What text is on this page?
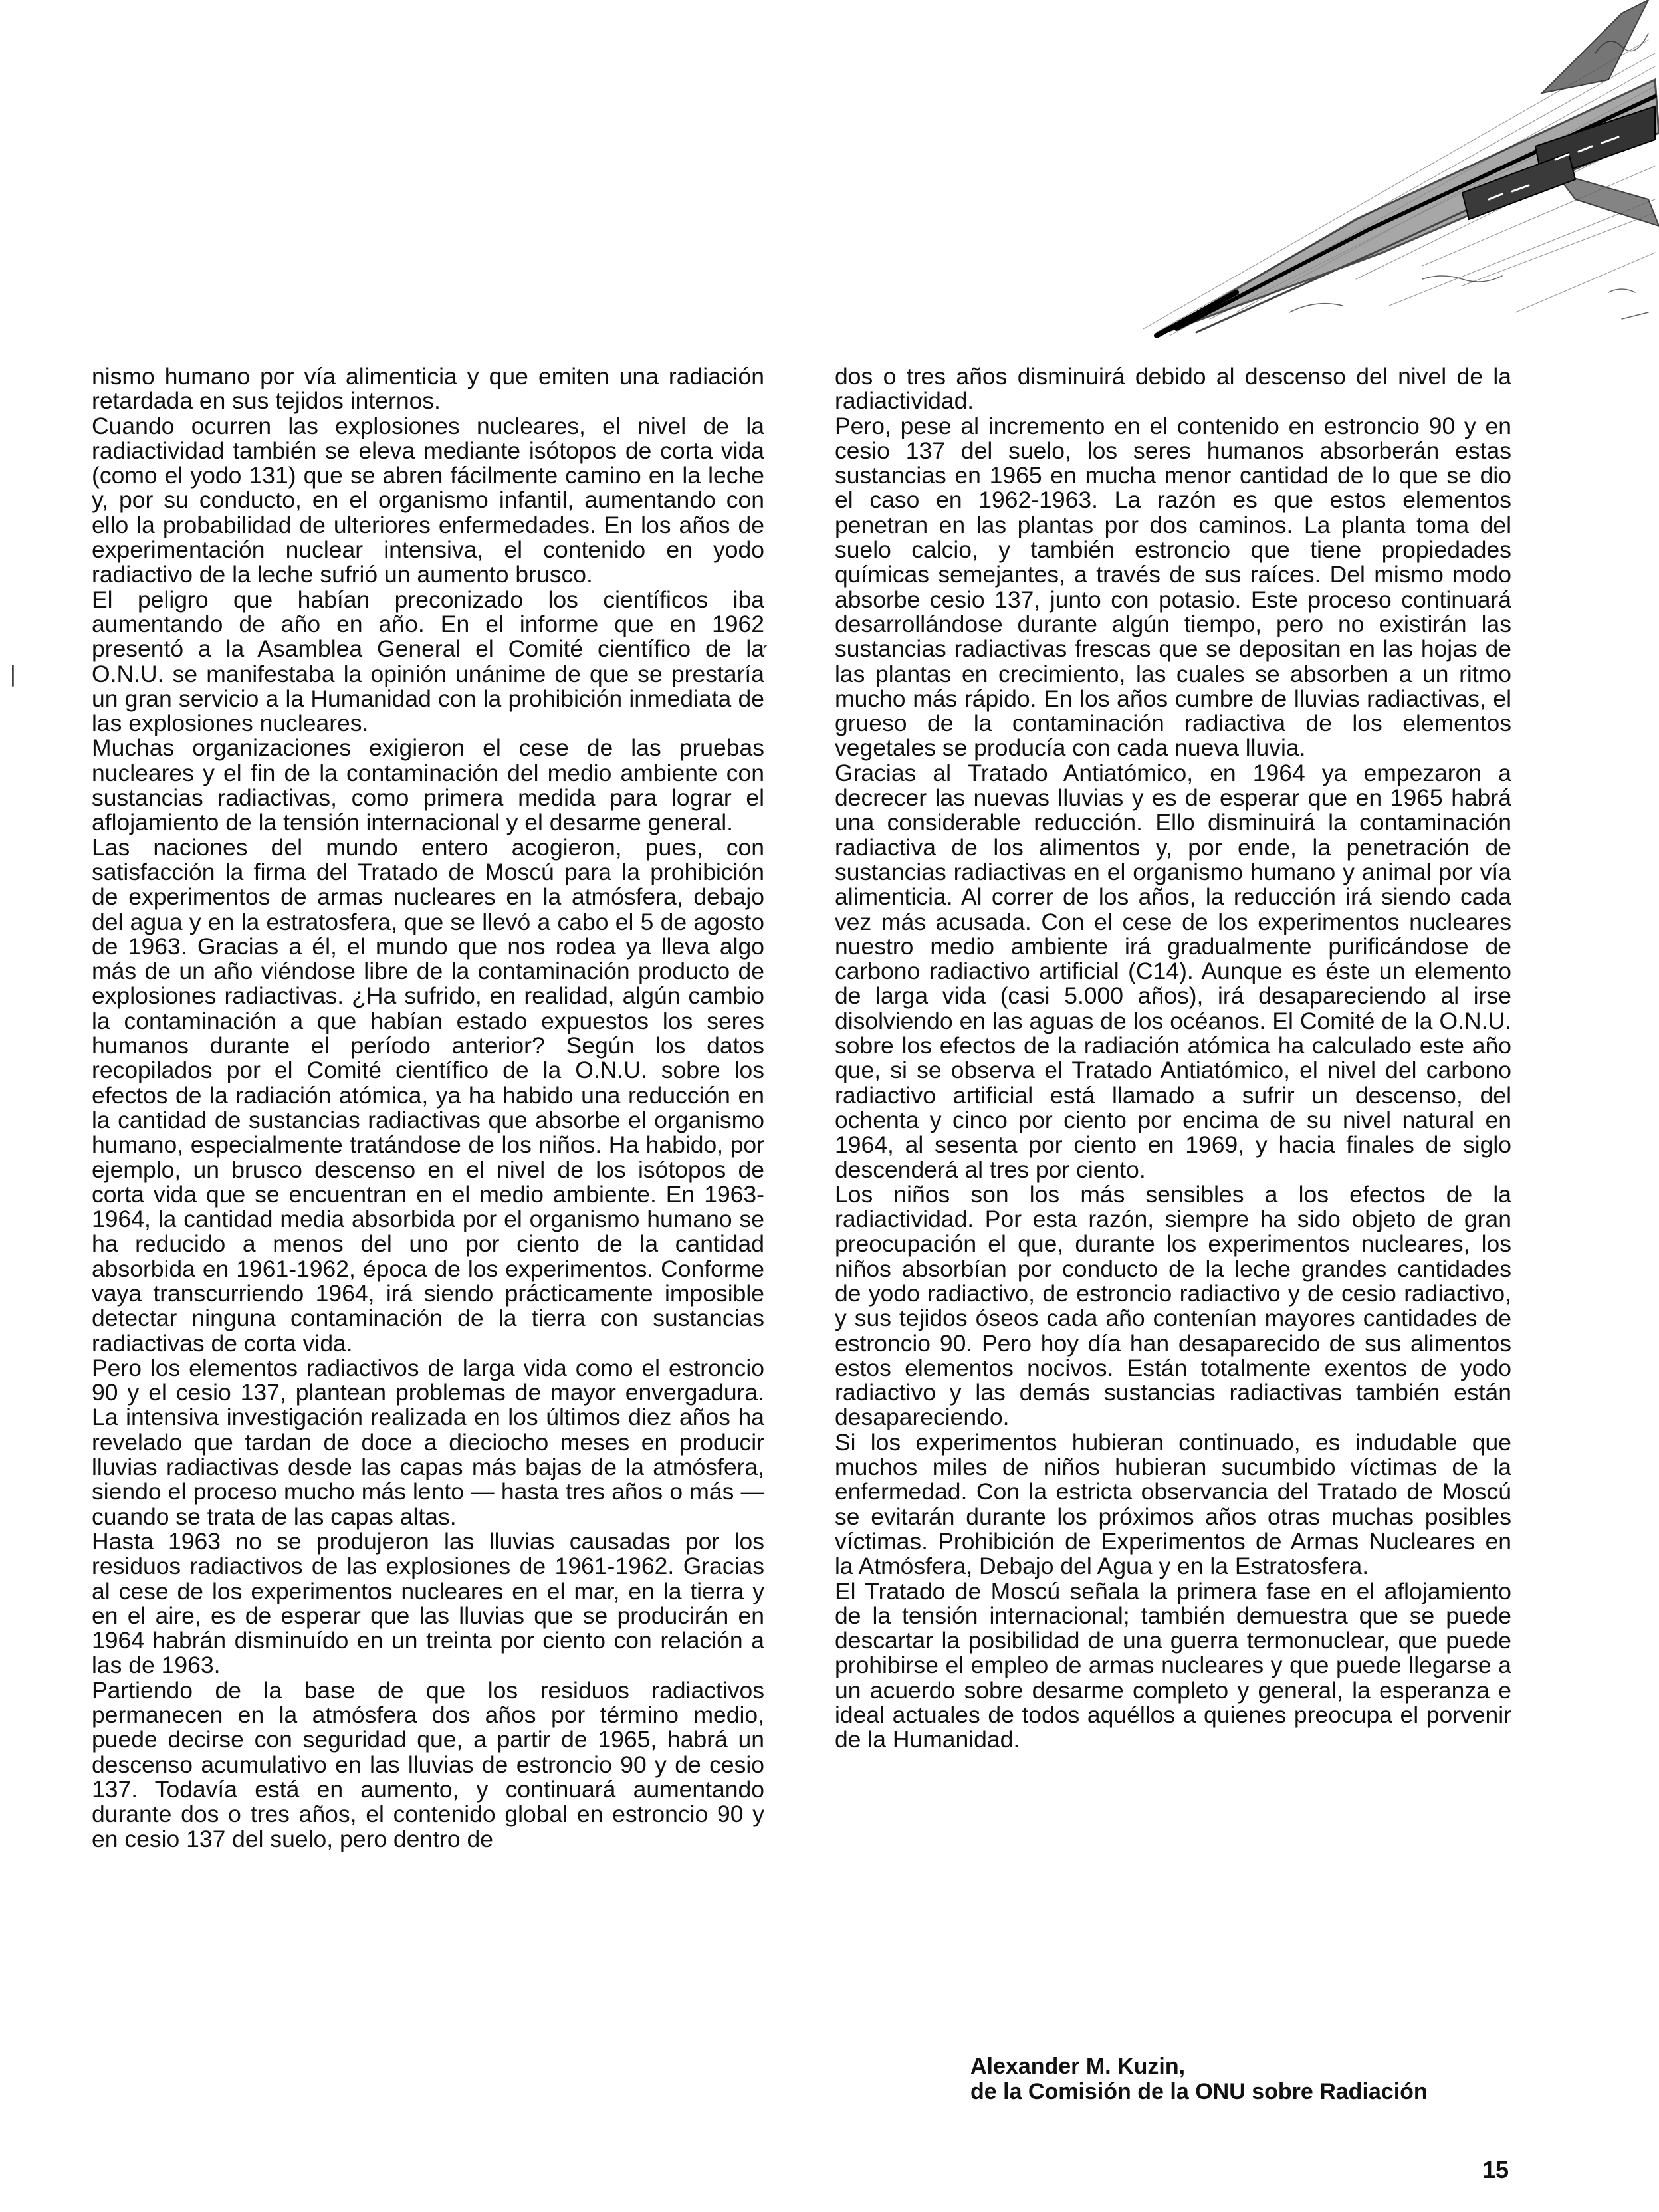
❘
ˏ

nismo humano por vía alimenticia y que emiten una radiación retardada en sus tejidos internos.

Cuando ocurren las explosiones nucleares, el nivel de la radiactividad también se eleva mediante isótopos de corta vida (como el yodo 131) que se abren fácilmente camino en la leche y, por su conducto, en el organismo infantil, aumentando con ello la probabilidad de ulteriores enfermedades. En los años de experimentación nuclear intensiva, el contenido en yodo radiactivo de la leche sufrió un aumento brusco.

El peligro que habían preconizado los científicos iba aumentando de año en año. En el informe que en 1962 presentó a la Asamblea General el Comité científico de la O.N.U. se manifestaba la opinión unánime de que se prestaría un gran servicio a la Humanidad con la prohibición inmediata de las explosiones nucleares.

Muchas organizaciones exigieron el cese de las pruebas nucleares y el fin de la contaminación del medio ambiente con sustancias radiactivas, como primera medida para lograr el aflojamiento de la tensión internacional y el desarme general.

Las naciones del mundo entero acogieron, pues, con satisfacción la firma del Tratado de Moscú para la prohibición de experimentos de armas nucleares en la atmósfera, debajo del agua y en la estratosfera, que se llevó a cabo el 5 de agosto de 1963. Gracias a él, el mundo que nos rodea ya lleva algo más de un año viéndose libre de la contaminación producto de explosiones radiactivas. ¿Ha sufrido, en realidad, algún cambio la contaminación a que habían estado expuestos los seres humanos durante el período anterior? Según los datos recopilados por el Comité científico de la O.N.U. sobre los efectos de la radiación atómica, ya ha habido una reducción en la cantidad de sustancias radiactivas que absorbe el organismo humano, especialmente tratándose de los niños. Ha habido, por ejemplo, un brusco descenso en el nivel de los isótopos de corta vida que se encuentran en el medio ambiente. En 1963-1964, la cantidad media absorbida por el organismo humano se ha reducido a menos del uno por ciento de la cantidad absorbida en 1961-1962, época de los experimentos. Conforme vaya transcurriendo 1964, irá siendo prácticamente imposible detectar ninguna contaminación de la tierra con sustancias radiactivas de corta vida.

Pero los elementos radiactivos de larga vida como el estroncio 90 y el cesio 137, plantean problemas de mayor envergadura. La intensiva investigación realizada en los últimos diez años ha revelado que tardan de doce a dieciocho meses en producir lluvias radiactivas desde las capas más bajas de la atmósfera, siendo el proceso mucho más lento — hasta tres años o más — cuando se trata de las capas altas.

Hasta 1963 no se produjeron las lluvias causadas por los residuos radiactivos de las explosiones de 1961-1962. Gracias al cese de los experimentos nucleares en el mar, en la tierra y en el aire, es de esperar que las lluvias que se producirán en 1964 habrán disminuído en un treinta por ciento con relación a las de 1963.

Partiendo de la base de que los residuos radiactivos permanecen en la atmósfera dos años por término medio, puede decirse con seguridad que, a partir de 1965, habrá un descenso acumulativo en las lluvias de estroncio 90 y de cesio 137. Todavía está en aumento, y continuará aumentando durante dos o tres años, el contenido global en estroncio 90 y en cesio 137 del suelo, pero dentro de

dos o tres años disminuirá debido al descenso del nivel de la radiactividad.

Pero, pese al incremento en el contenido en estroncio 90 y en cesio 137 del suelo, los seres humanos absorberán estas sustancias en 1965 en mucha menor cantidad de lo que se dio el caso en 1962-1963. La razón es que estos elementos penetran en las plantas por dos caminos. La planta toma del suelo calcio, y también estroncio que tiene propiedades químicas semejantes, a través de sus raíces. Del mismo modo absorbe cesio 137, junto con potasio. Este proceso continuará desarrollándose durante algún tiempo, pero no existirán las sustancias radiactivas frescas que se depositan en las hojas de las plantas en crecimiento, las cuales se absorben a un ritmo mucho más rápido. En los años cumbre de lluvias radiactivas, el grueso de la contaminación radiactiva de los elementos vegetales se producía con cada nueva lluvia.

Gracias al Tratado Antiatómico, en 1964 ya empezaron a decrecer las nuevas lluvias y es de esperar que en 1965 habrá una considerable reducción. Ello disminuirá la contaminación radiactiva de los alimentos y, por ende, la penetración de sustancias radiactivas en el organismo humano y animal por vía alimenticia. Al correr de los años, la reducción irá siendo cada vez más acusada. Con el cese de los experimentos nucleares nuestro medio ambiente irá gradualmente purificándose de carbono radiactivo artificial (C14). Aunque es éste un elemento de larga vida (casi 5.000 años), irá desapareciendo al irse disolviendo en las aguas de los océanos. El Comité de la O.N.U. sobre los efectos de la radiación atómica ha calculado este año que, si se observa el Tratado Antiatómico, el nivel del carbono radiactivo artificial está llamado a sufrir un descenso, del ochenta y cinco por ciento por encima de su nivel natural en 1964, al sesenta por ciento en 1969, y hacia finales de siglo descenderá al tres por ciento.

Los niños son los más sensibles a los efectos de la radiactividad. Por esta razón, siempre ha sido objeto de gran preocupación el que, durante los experimentos nucleares, los niños absorbían por conducto de la leche grandes cantidades de yodo radiactivo, de estroncio radiactivo y de cesio radiactivo, y sus tejidos óseos cada año contenían mayores cantidades de estroncio 90. Pero hoy día han desaparecido de sus alimentos estos elementos nocivos. Están totalmente exentos de yodo radiactivo y las demás sustancias radiactivas también están desapareciendo.

Si los experimentos hubieran continuado, es indudable que muchos miles de niños hubieran sucumbido víctimas de la enfermedad. Con la estricta observancia del Tratado de Moscú se evitarán durante los próximos años otras muchas posibles víctimas. Prohibición de Experimentos de Armas Nucleares en la Atmósfera, Debajo del Agua y en la Estratosfera.

El Tratado de Moscú señala la primera fase en el aflojamiento de la tensión internacional; también demuestra que se puede descartar la posibilidad de una guerra termonuclear, que puede prohibirse el empleo de armas nucleares y que puede llegarse a un acuerdo sobre desarme completo y general, la esperanza e ideal actuales de todos aquéllos a quienes preocupa el porvenir de la Humanidad.

Alexander M. Kuzin,
de la Comisión de la ONU sobre Radiación
15
